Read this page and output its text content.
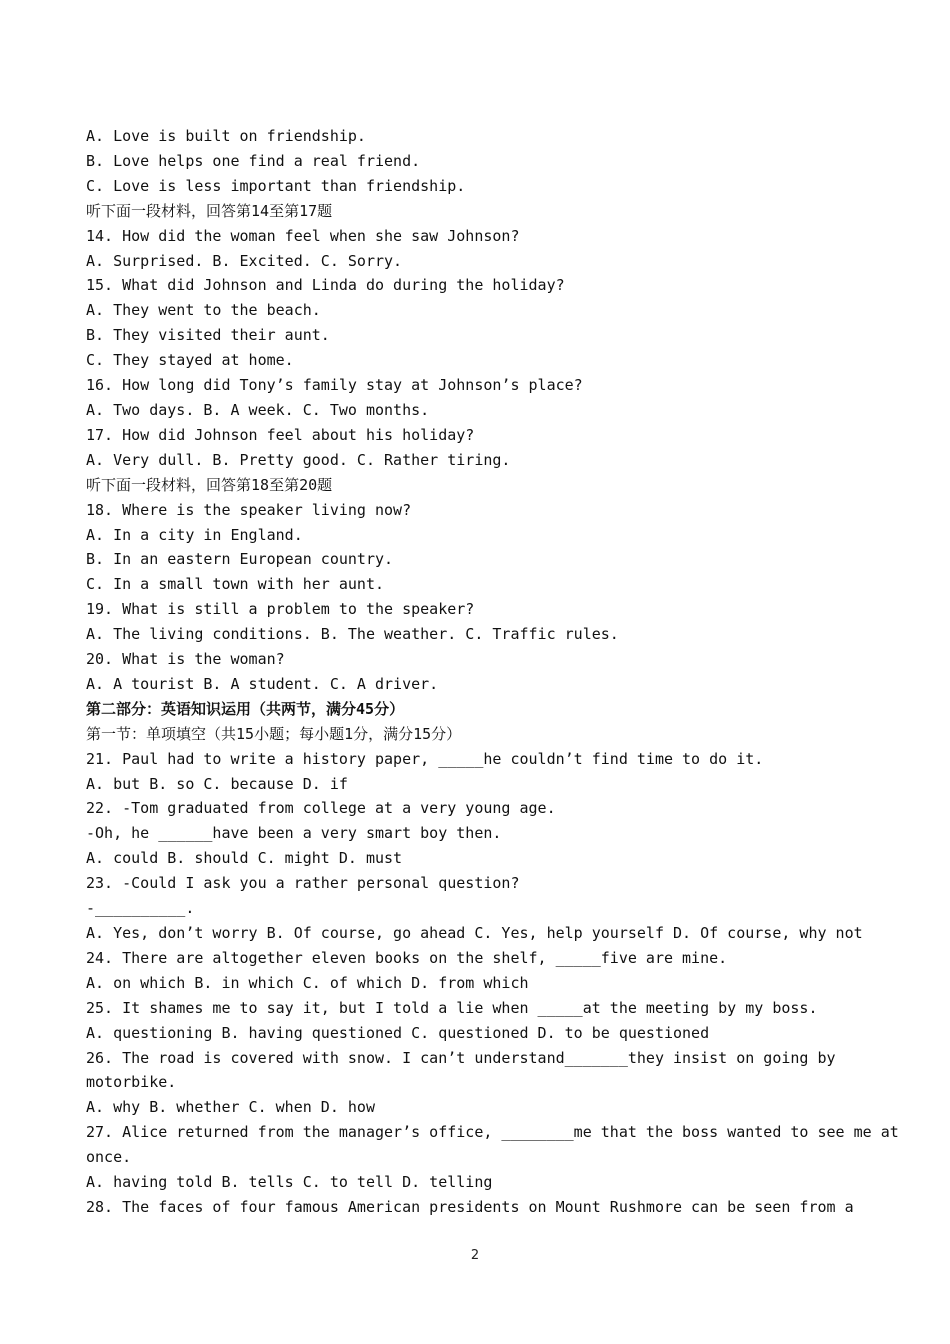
A. Love is built on friendship.

B. Love helps one find a real friend.

C. Love is less important than friendship.

听下面一段材料，回答第14至第17题

14. How did the woman feel when she saw Johnson?

A. Surprised. B. Excited. C. Sorry.

15. What did Johnson and Linda do during the holiday?

A. They went to the beach.

B. They visited their aunt.

C. They stayed at home.

16. How long did Tony’s family stay at Johnson’s place?

A. Two days. B. A week. C. Two months.

17. How did Johnson feel about his holiday?

A. Very dull. B. Pretty good. C. Rather tiring.

听下面一段材料，回答第18至第20题

18. Where is the speaker living now?

A. In a city in England.

B. In an eastern European country.

C. In a small town with her aunt.

19. What is still a problem to the speaker?

A. The living conditions. B. The weather. C. Traffic rules.

20. What is the woman?

A. A tourist B. A student. C. A driver.

第二部分：英语知识运用（共两节，满分45分）

第一节：单项填空（共15小题；每小题1分，满分15分）

21. Paul had to write a history paper, _____he couldn’t find time to do it.

A. but B. so C. because D. if

22. -Tom graduated from college at a very young age.

-Oh, he ______have been a very smart boy then.

A. could B. should C. might D. must

23. -Could I ask you a rather personal question?

-__________.

A. Yes, don’t worry B. Of course, go ahead C. Yes, help yourself D. Of course, why not

24. There are altogether eleven books on the shelf, _____five are mine.

A. on which B. in which C. of which D. from which

25. It shames me to say it, but I told a lie when _____at the meeting by my boss.

A. questioning B. having questioned C. questioned D. to be questioned

26. The road is covered with snow. I can’t understand_______they insist on going by

motorbike.

A. why B. whether C. when D. how

27. Alice returned from the manager’s office, ________me that the boss wanted to see me at

once.

A. having told B. tells C. to tell D. telling

28. The faces of four famous American presidents on Mount Rushmore can be seen from a

2
